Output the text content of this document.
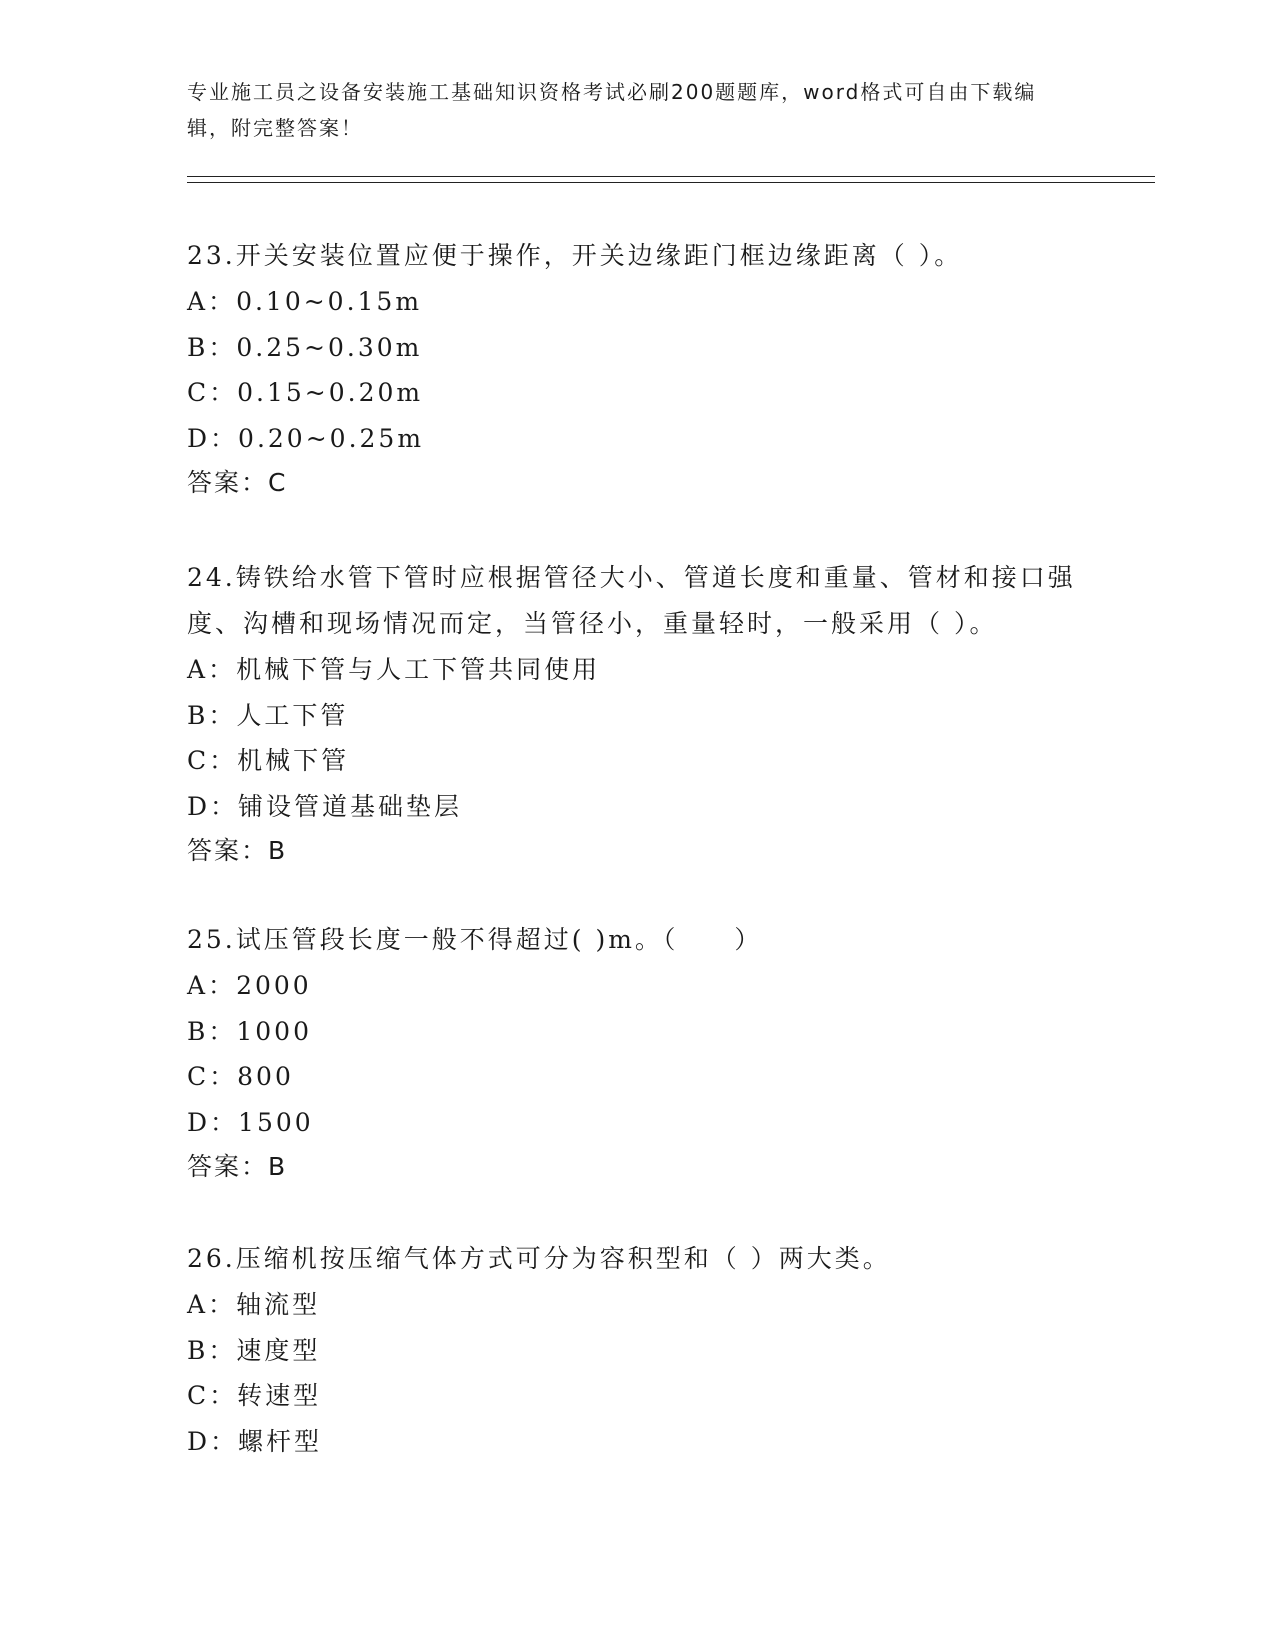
专业施工员之设备安装施工基础知识资格考试必刷200题题库，word格式可自由下载编辑，附完整答案！

23.开关安装位置应便于操作，开关边缘距门框边缘距离（ ）。

A：0.10~0.15m

B：0.25~0.30m

C：0.15~0.20m

D：0.20~0.25m

答案：C

24.铸铁给水管下管时应根据管径大小、管道长度和重量、管材和接口强度、沟槽和现场情况而定，当管径小，重量轻时，一般采用（ ）。

A：机械下管与人工下管共同使用

B：人工下管

C：机械下管

D：铺设管道基础垫层

答案：B

25.试压管段长度一般不得超过( )m。（　　）

A：2000

B：1000

C：800

D：1500

答案：B

26.压缩机按压缩气体方式可分为容积型和（ ）两大类。

A：轴流型

B：速度型

C：转速型

D：螺杆型
